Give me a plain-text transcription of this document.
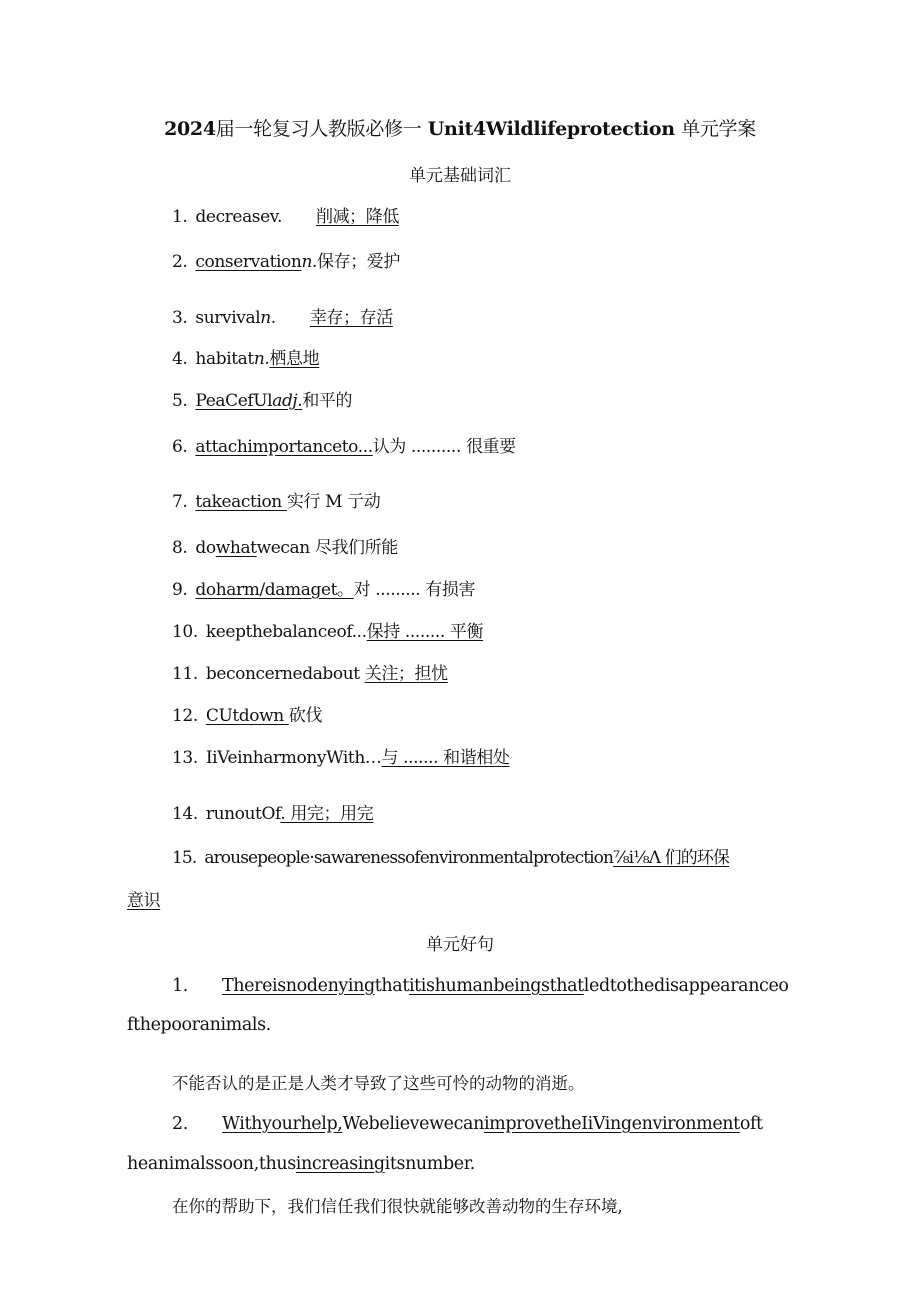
2024届一轮复习人教版必修一 Unit4Wildlifeprotection 单元学案
单元基础词汇
1. decreasev. 削减；降低
2. conservationn.保存；爱护
3. survivaln. 幸存；存活
4. habitatn.栖息地
5. PeaCefUladj.和平的
6. attachimportanceto...认为 .......... 很重要
7. takeaction 实行 M 亍动
8. dowhatwecan 尽我们所能
9. doharm/damaget。对 ......... 有损害
10. keepthebalanceof...保持 ........ 平衡
11. beconcernedabout 关注；担忧
12. CUtdown 砍伐
13. IiVeinharmonyWith…与 ....... 和谐相处
14. runoutOf. 用完；用完
15. arousepeople·sawarenessofenvironmentalprotection⅞i⅛Λ 们的环保
意识
单元好句
1. Thereisnodenyingthatitishumanbeingsthatledtothedisappearanceo
fthepooranimals.
不能否认的是正是人类才导致了这些可怜的动物的消逝。
2. Withyourhelp,WebelievewecanimprovetheIiVingenvironmentoft
heanimalssoon,thusincreasingitsnumber.
在你的帮助下，我们信任我们很快就能够改善动物的生存环境,
